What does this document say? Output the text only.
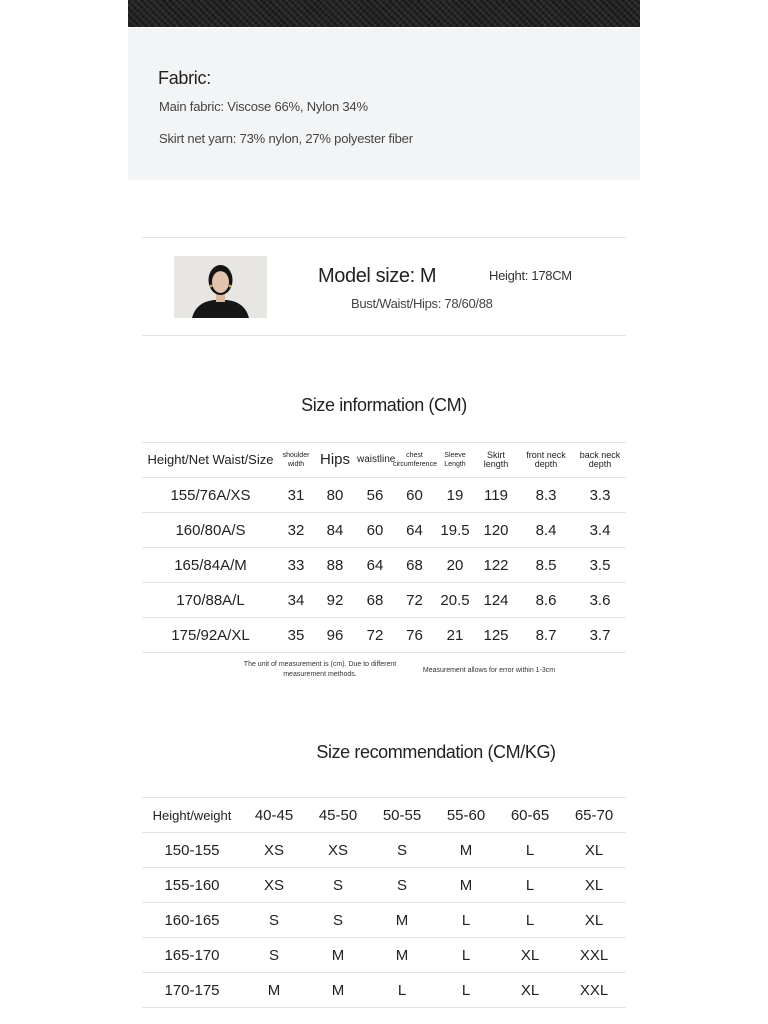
Fabric:
Main fabric: Viscose 66%, Nylon 34%
Skirt net yarn: 73% nylon, 27% polyester fiber
Model size: M	Height: 178CM
Bust/Waist/Hips: 78/60/88
Size information (CM)
Height/Net Waist/Size	shoulder width	Hips	waistline	chest circumference	Sleeve Length	Skirt length	front neck depth	back neck depth
155/76A/XS	31	80	56	60	19	119	8.3	3.3
160/80A/S	32	84	60	64	19.5	120	8.4	3.4
165/84A/M	33	88	64	68	20	122	8.5	3.5
170/88A/L	34	92	68	72	20.5	124	8.6	3.6
175/92A/XL	35	96	72	76	21	125	8.7	3.7
The unit of measurement is (cm). Due to different measurement methods.
Measurement allows for error within 1-3cm
Size recommendation (CM/KG)
Height/weight	40-45	45-50	50-55	55-60	60-65	65-70
150-155	XS	XS	S	M	L	XL
155-160	XS	S	S	M	L	XL
160-165	S	S	M	L	L	XL
165-170	S	M	M	L	XL	XXL
170-175	M	M	L	L	XL	XXL
